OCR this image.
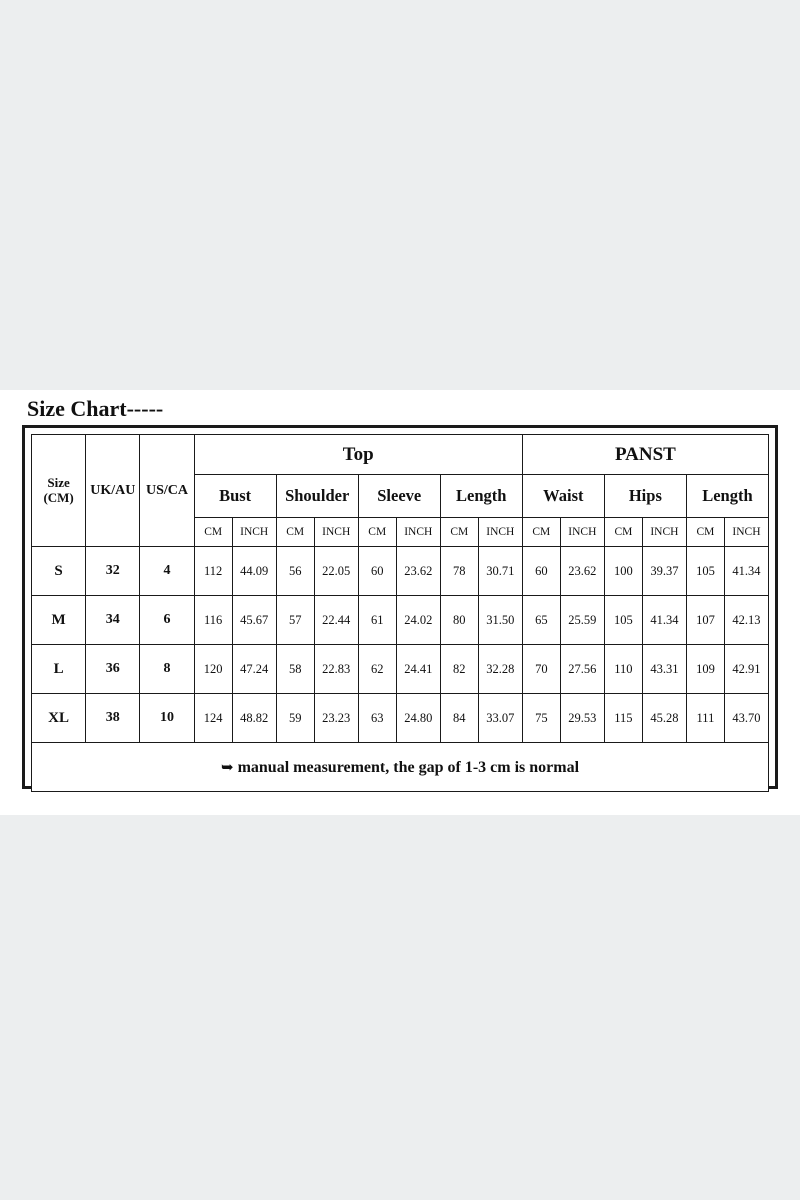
Size Chart-----
Size
(CM)	UK/AU	US/CA	Top								PANST					
			Bust		Shoulder		Sleeve		Length		Waist		Hips		Length	
			CM	INCH	CM	INCH	CM	INCH	CM	INCH	CM	INCH	CM	INCH	CM	INCH
S	32	4	112	44.09	56	22.05	60	23.62	78	30.71	60	23.62	100	39.37	105	41.34
M	34	6	116	45.67	57	22.44	61	24.02	80	31.50	65	25.59	105	41.34	107	42.13
L	36	8	120	47.24	58	22.83	62	24.41	82	32.28	70	27.56	110	43.31	109	42.91
XL	38	10	124	48.82	59	23.23	63	24.80	84	33.07	75	29.53	115	45.28	111	43.70
➥ manual measurement, the gap of 1-3 cm is normal																
